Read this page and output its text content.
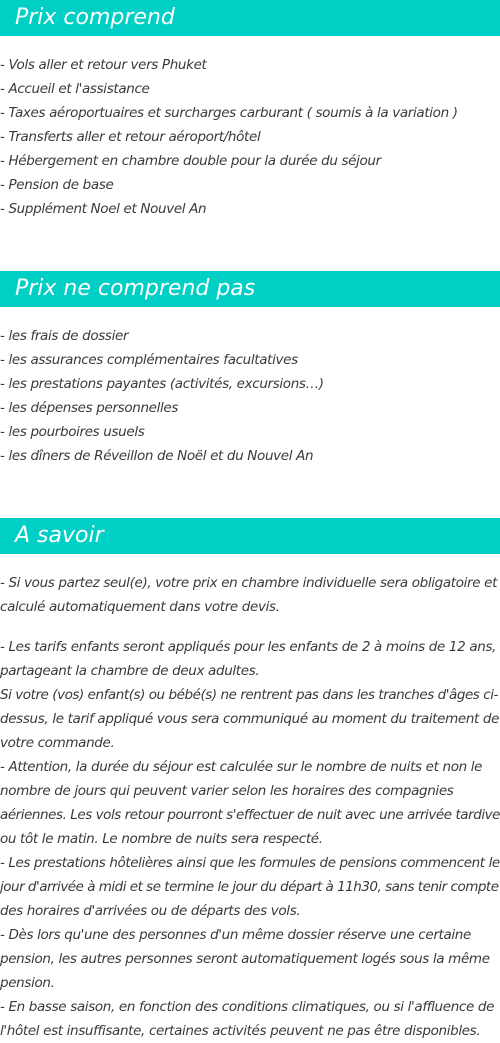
Prix comprend
- Vols aller et retour vers Phuket
- Accueil et l'assistance
- Taxes aéroportuaires et surcharges carburant ( soumis à la variation )
- Transferts aller et retour aéroport/hôtel
- Hébergement en chambre double pour la durée du séjour
- Pension de base
- Supplément Noel et Nouvel An
Prix ne comprend pas
- les frais de dossier
- les assurances complémentaires facultatives
- les prestations payantes (activités, excursions…)
- les dépenses personnelles
- les pourboires usuels
- les dîners de Réveillon de Noël et du Nouvel An
A savoir

- Si vous partez seul(e), votre prix en chambre individuelle sera obligatoire et

calculé automatiquement dans votre devis.

- Les tarifs enfants seront appliqués pour les enfants de 2 à moins de 12 ans,

partageant la chambre de deux adultes.

Si votre (vos) enfant(s) ou bébé(s) ne rentrent pas dans les tranches d'âges ci-

dessus, le tarif appliqué vous sera communiqué au moment du traitement de

votre commande.

- Attention, la durée du séjour est calculée sur le nombre de nuits et non le

nombre de jours qui peuvent varier selon les horaires des compagnies

aériennes. Les vols retour pourront s'effectuer de nuit avec une arrivée tardive

ou tôt le matin. Le nombre de nuits sera respecté.

- Les prestations hôtelières ainsi que les formules de pensions commencent le

jour d'arrivée à midi et se termine le jour du départ à 11h30, sans tenir compte

des horaires d'arrivées ou de départs des vols.

- Dès lors qu'une des personnes d'un même dossier réserve une certaine

pension, les autres personnes seront automatiquement logés sous la même

pension.

- En basse saison, en fonction des conditions climatiques, ou si l'affluence de

l'hôtel est insuffisante, certaines activités peuvent ne pas être disponibles.
